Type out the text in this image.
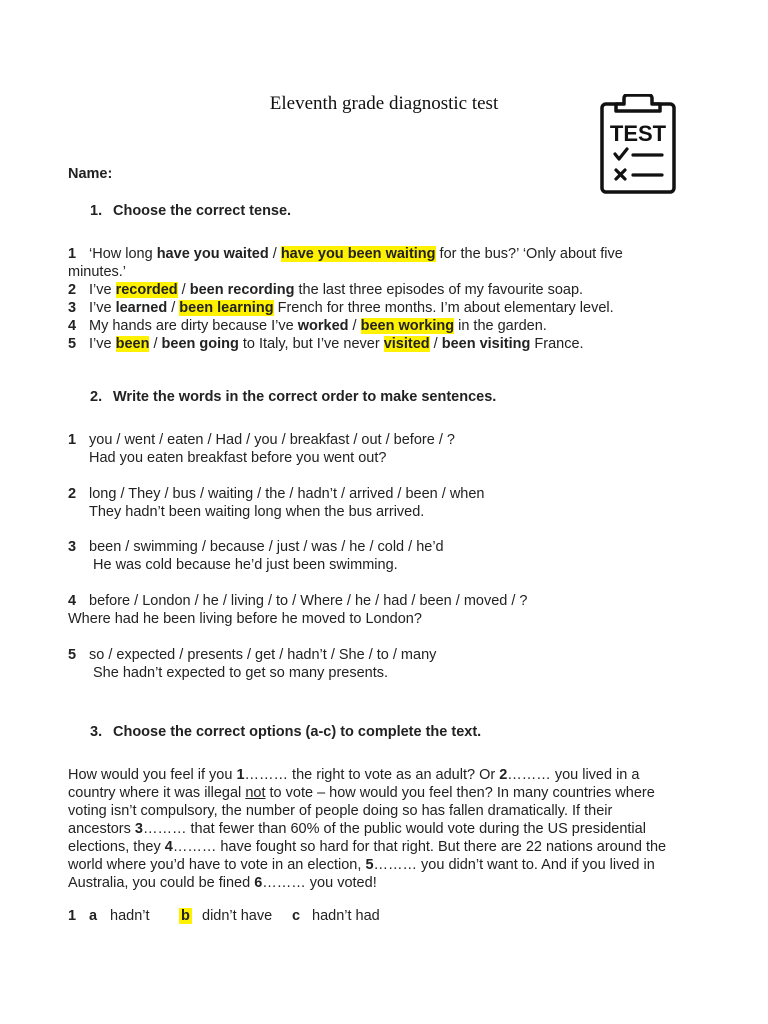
Eleventh grade diagnostic test
TEST
Name:
1. Choose the correct tense.
1 ‘How long have you waited / have you been waiting for the bus?’ ‘Only about five
minutes.’
2 I’ve recorded / been recording the last three episodes of my favourite soap.
3 I’ve learned / been learning French for three months. I’m about elementary level.
4 My hands are dirty because I’ve worked / been working in the garden.
5 I’ve been / been going to Italy, but I’ve never visited / been visiting France.
2. Write the words in the correct order to make sentences.
1 you / went / eaten / Had / you / breakfast / out / before / ?
Had you eaten breakfast before you went out?
2 long / They / bus / waiting / the / hadn’t / arrived / been / when
They hadn’t been waiting long when the bus arrived.
3 been / swimming / because / just / was / he / cold / he’d
He was cold because he’d just been swimming.
4 before / London / he / living / to / Where / he / had / been / moved / ?
Where had he been living before he moved to London?
5 so / expected / presents / get / hadn’t / She / to / many
She hadn’t expected to get so many presents.
3. Choose the correct options (a-c) to complete the text.
How would you feel if you 1……… the right to vote as an adult? Or 2……… you lived in a
country where it was illegal not to vote – how would you feel then? In many countries where
voting isn’t compulsory, the number of people doing so has fallen dramatically. If their
ancestors 3……… that fewer than 60% of the public would vote during the US presidential
elections, they 4……… have fought so hard for that right. But there are 22 nations around the
world where you’d have to vote in an election, 5……… you didn’t want to. And if you lived in
Australia, you could be fined 6……… you voted!
1 a hadn’t b didn’t have c hadn’t had
